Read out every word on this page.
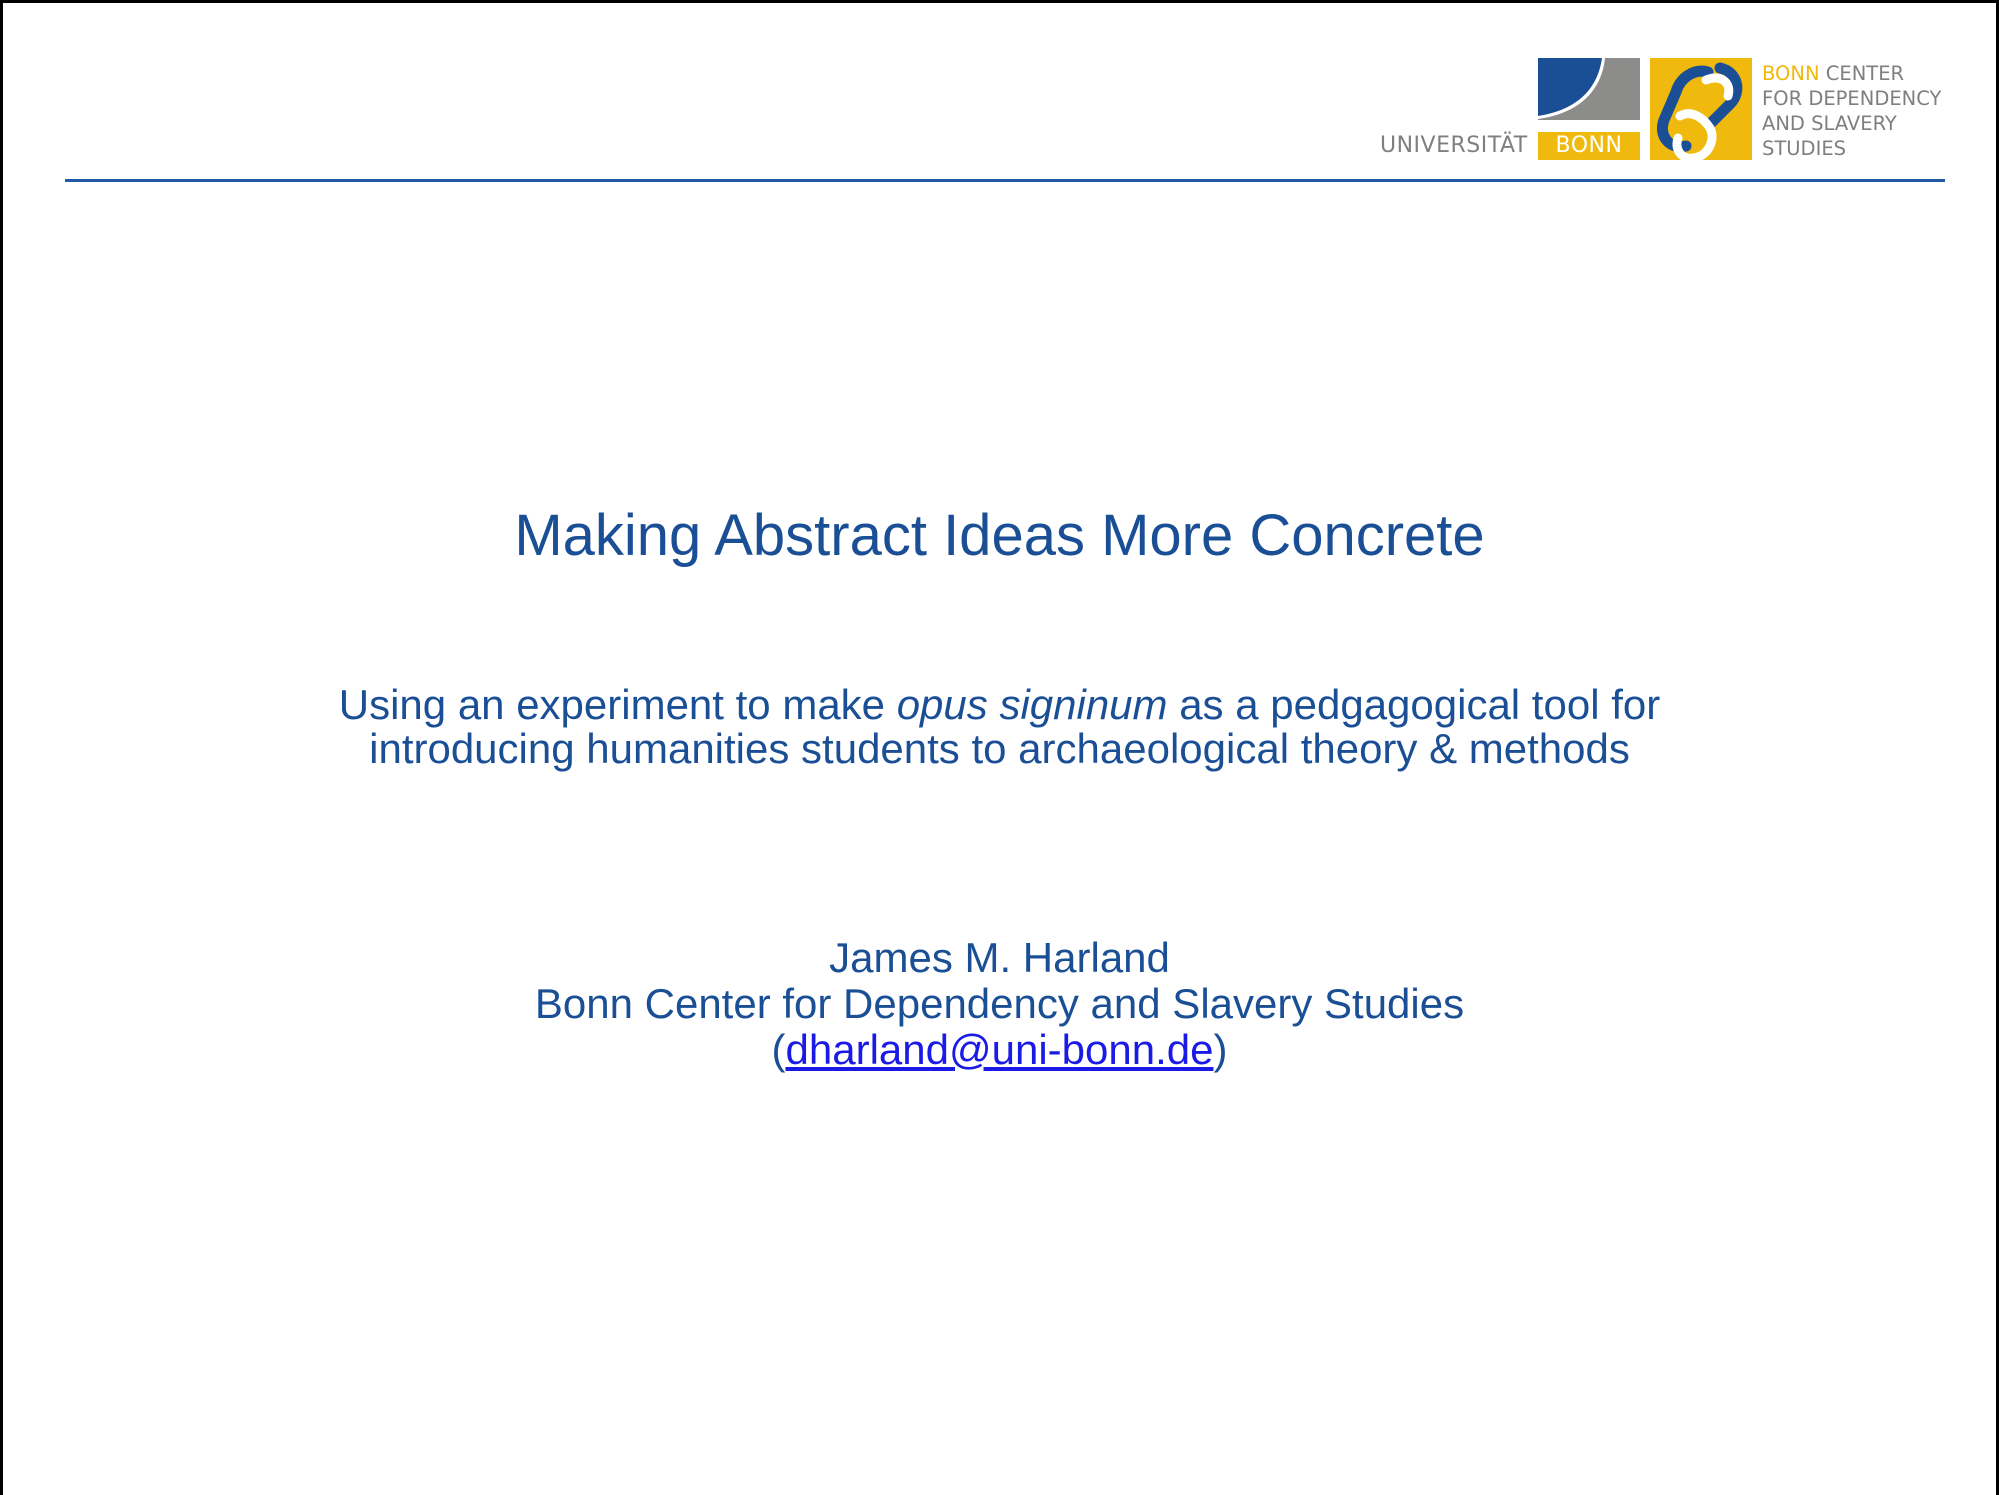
UNIVERSITÄT	BONN
BONN CENTER
FOR DEPENDENCY
AND SLAVERY
STUDIES
Making Abstract Ideas More Concrete
Using an experiment to make opus signinum as a pedgagogical tool for
introducing humanities students to archaeological theory & methods
James M. Harland
Bonn Center for Dependency and Slavery Studies
(dharland@uni-bonn.de)
